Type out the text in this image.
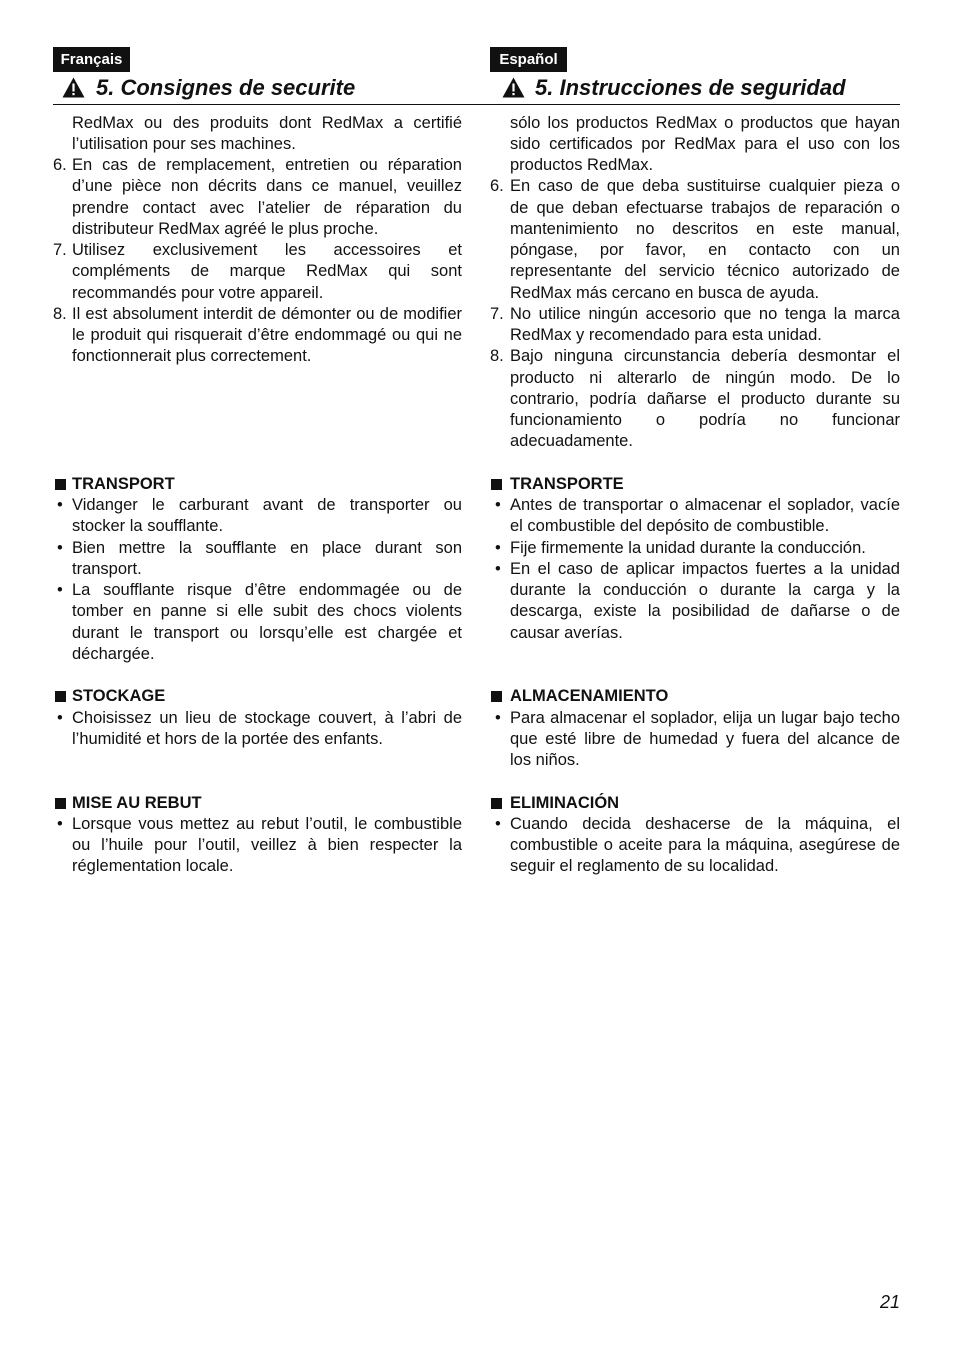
Français	Español
5. Consignes de securite	5. Instrucciones de seguridad
RedMax ou des produits dont RedMax a certifié
l’utilisation pour ses machines.
6. En cas de remplacement, entretien ou réparation
d’une pièce non décrits dans ce manuel, veuillez
prendre contact avec l’atelier de réparation du
distributeur RedMax agréé le plus proche.
7. Utilisez exclusivement les accessoires et
compléments de marque RedMax qui sont
recommandés pour votre appareil.
8. Il est absolument interdit de démonter ou de modifier
le produit qui risquerait d’être endommagé ou qui ne
fonctionnerait plus correctement.
TRANSPORT
• Vidanger le carburant avant de transporter ou
stocker la soufflante.
• Bien mettre la soufflante en place durant son
transport.
• La soufflante risque d’être endommagée ou de
tomber en panne si elle subit des chocs violents
durant le transport ou lorsqu’elle est chargée et
déchargée.
STOCKAGE
• Choisissez un lieu de stockage couvert, à l’abri de
l’humidité et hors de la portée des enfants.
MISE AU REBUT
• Lorsque vous mettez au rebut l’outil, le combustible
ou l’huile pour l’outil, veillez à bien respecter la
réglementation locale.
sólo los productos RedMax o productos que hayan
sido certificados por RedMax para el uso con los
productos RedMax.
6. En caso de que deba sustituirse cualquier pieza o
de que deban efectuarse trabajos de reparación o
mantenimiento no descritos en este manual,
póngase, por favor, en contacto con un
representante del servicio técnico autorizado de
RedMax más cercano en busca de ayuda.
7. No utilice ningún accesorio que no tenga la marca
RedMax y recomendado para esta unidad.
8. Bajo ninguna circunstancia debería desmontar el
producto ni alterarlo de ningún modo. De lo
contrario, podría dañarse el producto durante su
funcionamiento o podría no funcionar
adecuadamente.
TRANSPORTE
• Antes de transportar o almacenar el soplador, vacíe
el combustible del depósito de combustible.
• Fije firmemente la unidad durante la conducción.
• En el caso de aplicar impactos fuertes a la unidad
durante la conducción o durante la carga y la
descarga, existe la posibilidad de dañarse o de
causar averías.
ALMACENAMIENTO
• Para almacenar el soplador, elija un lugar bajo techo
que esté libre de humedad y fuera del alcance de
los niños.
ELIMINACIÓN
• Cuando decida deshacerse de la máquina, el
combustible o aceite para la máquina, asegúrese de
seguir el reglamento de su localidad.
21
